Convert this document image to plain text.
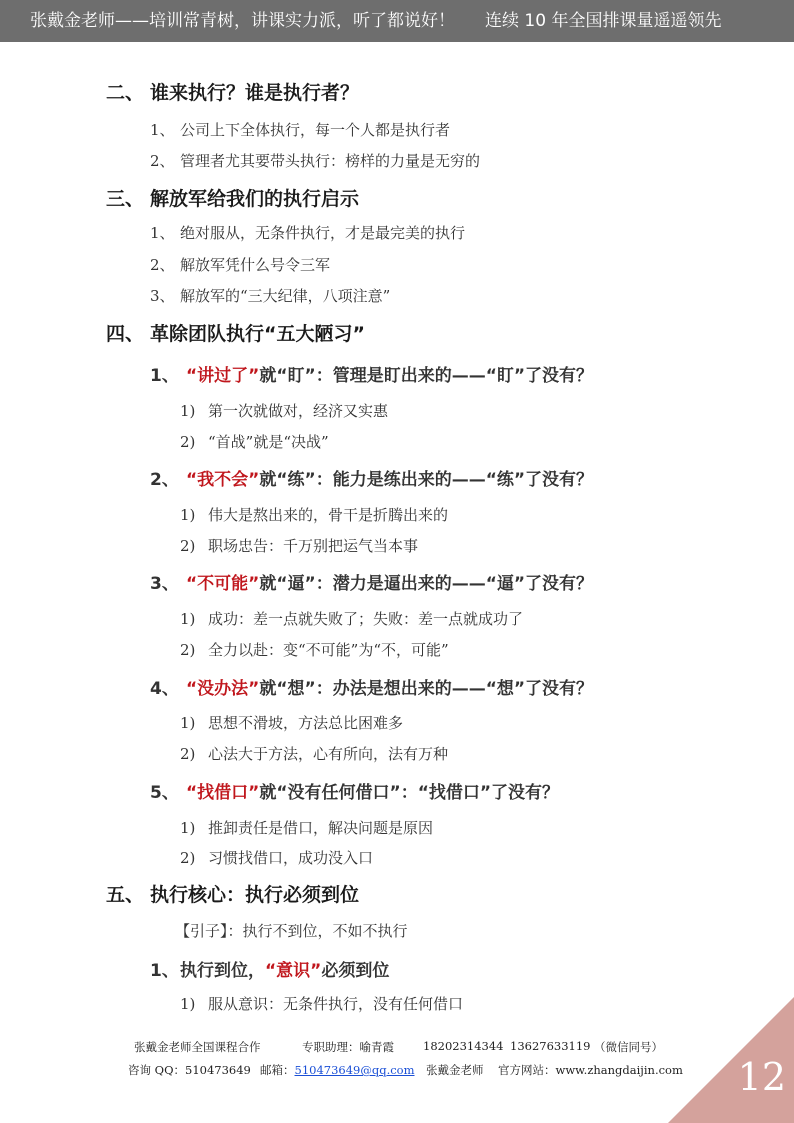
张戴金老师——培训常青树，讲课实力派，听了都说好！ 连续 10 年全国排课量遥遥领先
二、 谁来执行？谁是执行者？
1、 公司上下全体执行，每一个人都是执行者
2、 管理者尤其要带头执行：榜样的力量是无穷的
三、 解放军给我们的执行启示
1、 绝对服从，无条件执行，才是最完美的执行
2、 解放军凭什么号令三军
3、 解放军的“三大纪律，八项注意”
四、 革除团队执行“五大陋习”
1、 “讲过了”就“盯”：管理是盯出来的——“盯”了没有？
1) 第一次就做对，经济又实惠
2) “首战”就是“决战”
2、 “我不会”就“练”：能力是练出来的——“练”了没有？
1) 伟大是熬出来的，骨干是折腾出来的
2) 职场忠告：千万别把运气当本事
3、 “不可能”就“逼”：潜力是逼出来的——“逼”了没有？
1) 成功：差一点就失败了；失败：差一点就成功了
2) 全力以赴：变“不可能”为“不，可能”
4、 “没办法”就“想”：办法是想出来的——“想”了没有？
1) 思想不滑坡，方法总比困难多
2) 心法大于方法，心有所向，法有万种
5、 “找借口”就“没有任何借口”：“找借口”了没有？
1) 推卸责任是借口，解决问题是原因
2) 习惯找借口，成功没入口
五、 执行核心：执行必须到位
【引子】：执行不到位，不如不执行
1、执行到位，“意识”必须到位
1) 服从意识：无条件执行，没有任何借口
张戴金老师全国课程合作	专职助理：喻青霞	18202314344 13627633119 （微信同号）
咨询 QQ：510473649 邮箱：510473649@qq.com 张戴金老师 官方网站：www.zhangdaijin.com 12
